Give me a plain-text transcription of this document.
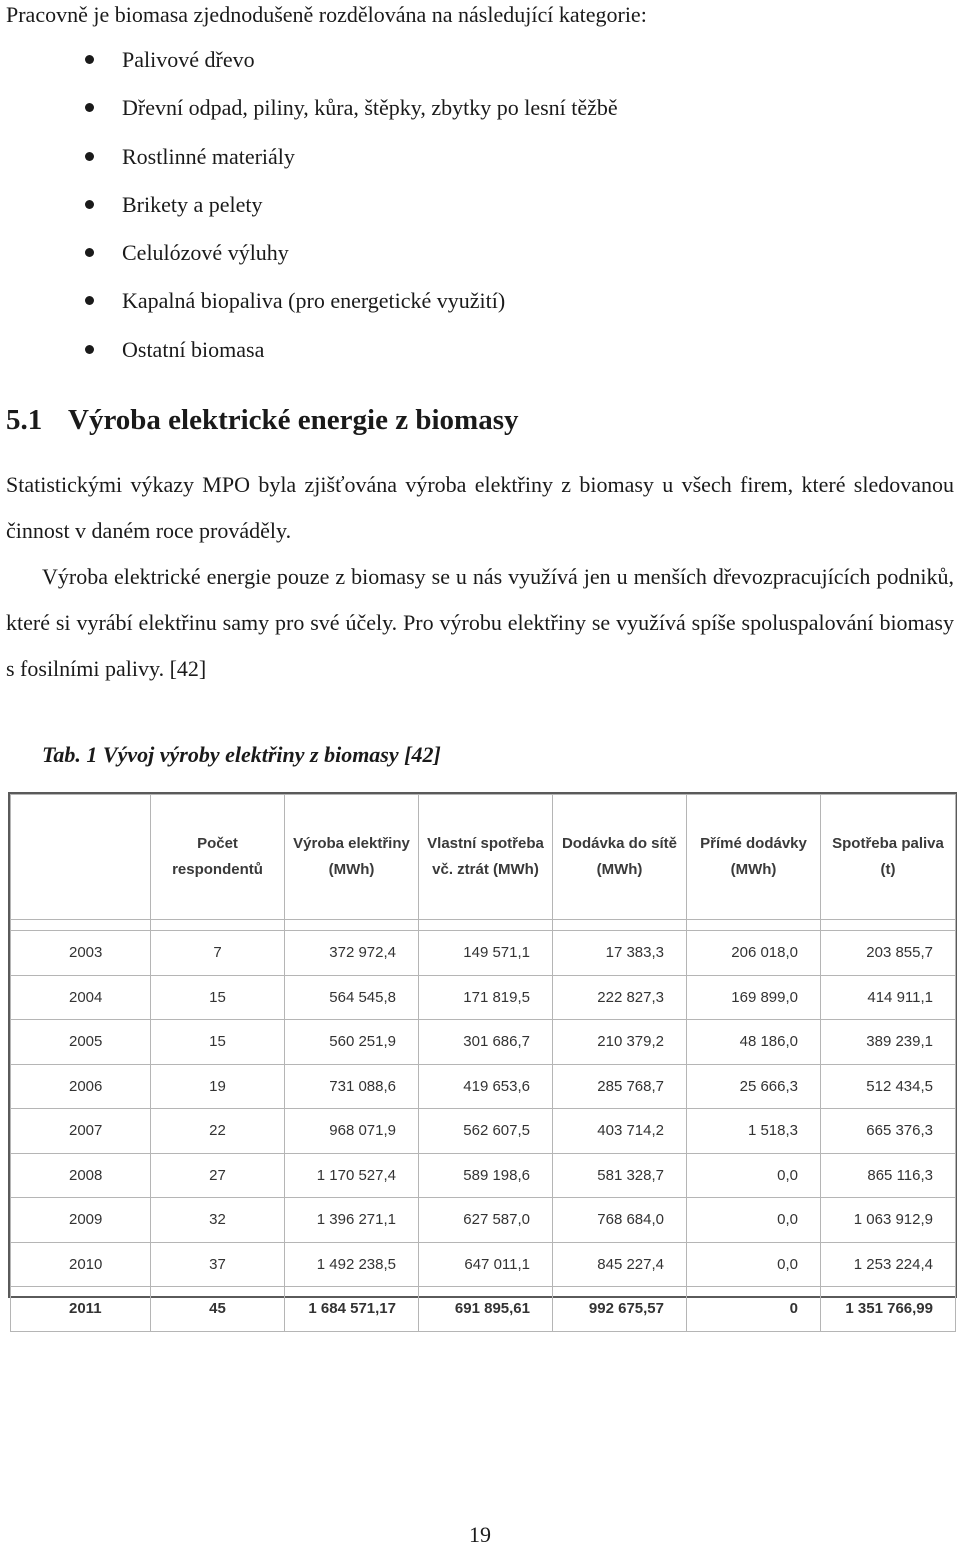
Pracovně je biomasa zjednodušeně rozdělována na následující kategorie:

Palivové dřevo
Dřevní odpad, piliny, kůra, štěpky, zbytky po lesní těžbě
Rostlinné materiály
Brikety a pelety
Celulózové výluhy
Kapalná biopaliva (pro energetické využití)
Ostatní biomasa
5.1 Výroba elektrické energie z biomasy

Statistickými výkazy MPO byla zjišťována výroba elektřiny z biomasy u všech firem, které sledovanou činnost v daném roce prováděly.

Výroba elektrické energie pouze z biomasy se u nás využívá jen u menších dřevozpracujících podniků, které si vyrábí elektřinu samy pro své účely. Pro výrobu elektřiny se využívá spíše spoluspalování biomasy s fosilními palivy. [42]

Tab. 1 Vývoj výroby elektřiny z biomasy [42]

	Počet respondentů	Výroba elektřiny (MWh)	Vlastní spotřeba vč. ztrát (MWh)	Dodávka do sítě (MWh)	Přímé dodávky (MWh)	Spotřeba paliva (t)

2003	7	372 972,4	149 571,1	17 383,3	206 018,0	203 855,7
2004	15	564 545,8	171 819,5	222 827,3	169 899,0	414 911,1
2005	15	560 251,9	301 686,7	210 379,2	48 186,0	389 239,1
2006	19	731 088,6	419 653,6	285 768,7	25 666,3	512 434,5
2007	22	968 071,9	562 607,5	403 714,2	1 518,3	665 376,3
2008	27	1 170 527,4	589 198,6	581 328,7	0,0	865 116,3
2009	32	1 396 271,1	627 587,0	768 684,0	0,0	1 063 912,9
2010	37	1 492 238,5	647 011,1	845 227,4	0,0	1 253 224,4
2011	45	1 684 571,17	691 895,61	992 675,57	0	1 351 766,99

19
